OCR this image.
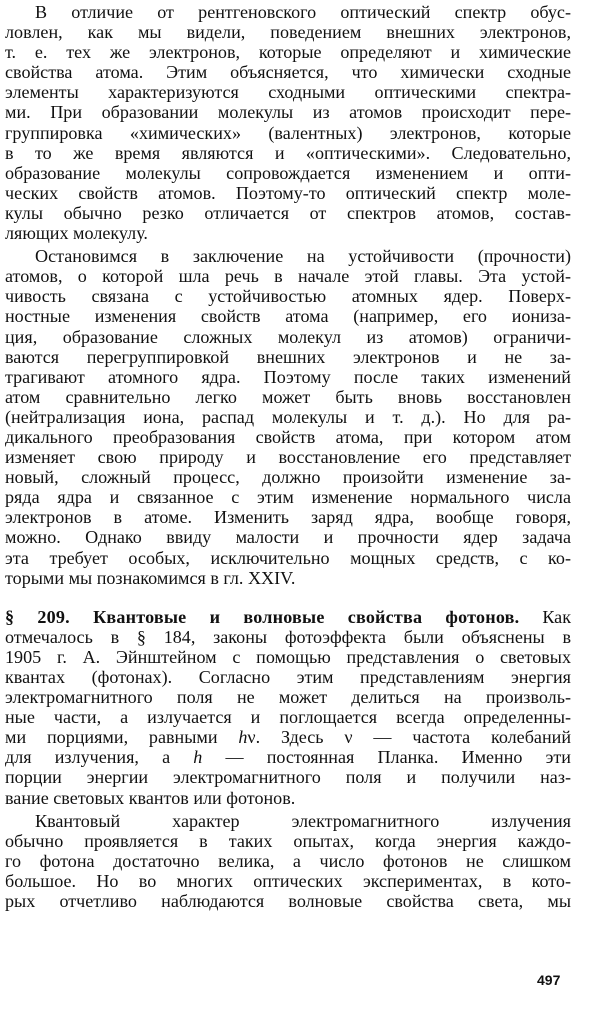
В отличие от рентгеновского оптический спектр обус-
ловлен, как мы видели, поведением внешних электронов,
т. е. тех же электронов, которые определяют и химические
свойства атома. Этим объясняется, что химически сходные
элементы характеризуются сходными оптическими спектра-
ми. При образовании молекулы из атомов происходит пере-
группировка «химических» (валентных) электронов, которые
в то же время являются и «оптическими». Следовательно,
образование молекулы сопровождается изменением и опти-
ческих свойств атомов. Поэтому-то оптический спектр моле-
кулы обычно резко отличается от спектров атомов, состав-
ляющих молекулу.
Остановимся в заключение на устойчивости (прочности)
атомов, о которой шла речь в начале этой главы. Эта устой-
чивость связана с устойчивостью атомных ядер. Поверх-
ностные изменения свойств атома (например, его иониза-
ция, образование сложных молекул из атомов) ограничи-
ваются перегруппировкой внешних электронов и не за-
трагивают атомного ядра. Поэтому после таких изменений
атом сравнительно легко может быть вновь восстановлен
(нейтрализация иона, распад молекулы и т. д.). Но для ра-
дикального преобразования свойств атома, при котором атом
изменяет свою природу и восстановление его представляет
новый, сложный процесс, должно произойти изменение за-
ряда ядра и связанное с этим изменение нормального числа
электронов в атоме. Изменить заряд ядра, вообще говоря,
можно. Однако ввиду малости и прочности ядер задача
эта требует особых, исключительно мощных средств, с ко-
торыми мы познакомимся в гл. XXIV.
§ 209. Квантовые и волновые свойства фотонов. Как
отмечалось в § 184, законы фотоэффекта были объяснены в
1905 г. А. Эйнштейном с помощью представления о световых
квантах (фотонах). Согласно этим представлениям энергия
электромагнитного поля не может делиться на произволь-
ные части, а излучается и поглощается всегда определенны-
ми порциями, равными hν. Здесь ν — частота колебаний
для излучения, а h — постоянная Планка. Именно эти
порции энергии электромагнитного поля и получили наз-
вание световых квантов или фотонов.
Квантовый характер электромагнитного излучения
обычно проявляется в таких опытах, когда энергия каждо-
го фотона достаточно велика, а число фотонов не слишком
большое. Но во многих оптических экспериментах, в кото-
рых отчетливо наблюдаются волновые свойства света, мы
497
